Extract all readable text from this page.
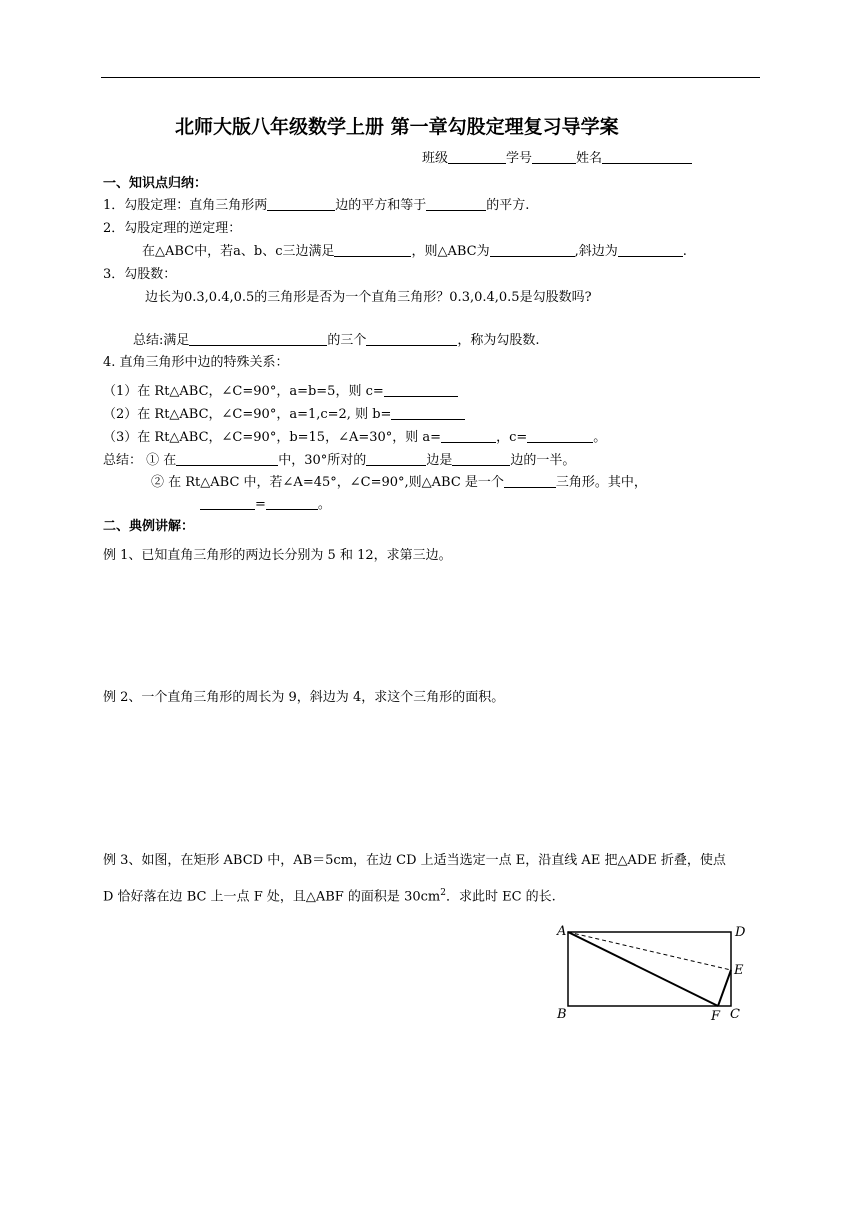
北师大版八年级数学上册 第一章勾股定理复习导学案
班级	学号	姓名
一、知识点归纳：
1．勾股定理：直角三角形两	边的平方和等于	的平方.
2．勾股定理的逆定理：
在△ABC中，若a、b、c三边满足	，则△ABC为	,斜边为	.
3．勾股数：
边长为0.3,0.4,0.5的三角形是否为一个直角三角形？0.3,0.4,0.5是勾股数吗?
总结:满足	的三个	，称为勾股数.
4. 直角三角形中边的特殊关系：
（1）在 Rt△ABC，∠C=90°，a=b=5，则 c=
（2）在 Rt△ABC，∠C=90°，a=1,c=2, 则 b=
（3）在 Rt△ABC，∠C=90°，b=15，∠A=30°，则 a=	，c=	。
总结： ① 在	中，30°所对的	边是	边的一半。
② 在 Rt△ABC 中，若∠A=45°，∠C=90°,则△ABC 是一个	三角形。其中，
=	。
二、典例讲解：
例 1、已知直角三角形的两边长分别为 5 和 12，求第三边。
例 2、一个直角三角形的周长为 9，斜边为 4，求这个三角形的面积。
例 3、如图，在矩形 ABCD 中，AB＝5cm，在边 CD 上适当选定一点 E，沿直线 AE 把△ADE 折叠，使点
D 恰好落在边 BC 上一点 F 处，且△ABF 的面积是 $30cm^2$．求此时 EC 的长.
A	D
E
B	F C
